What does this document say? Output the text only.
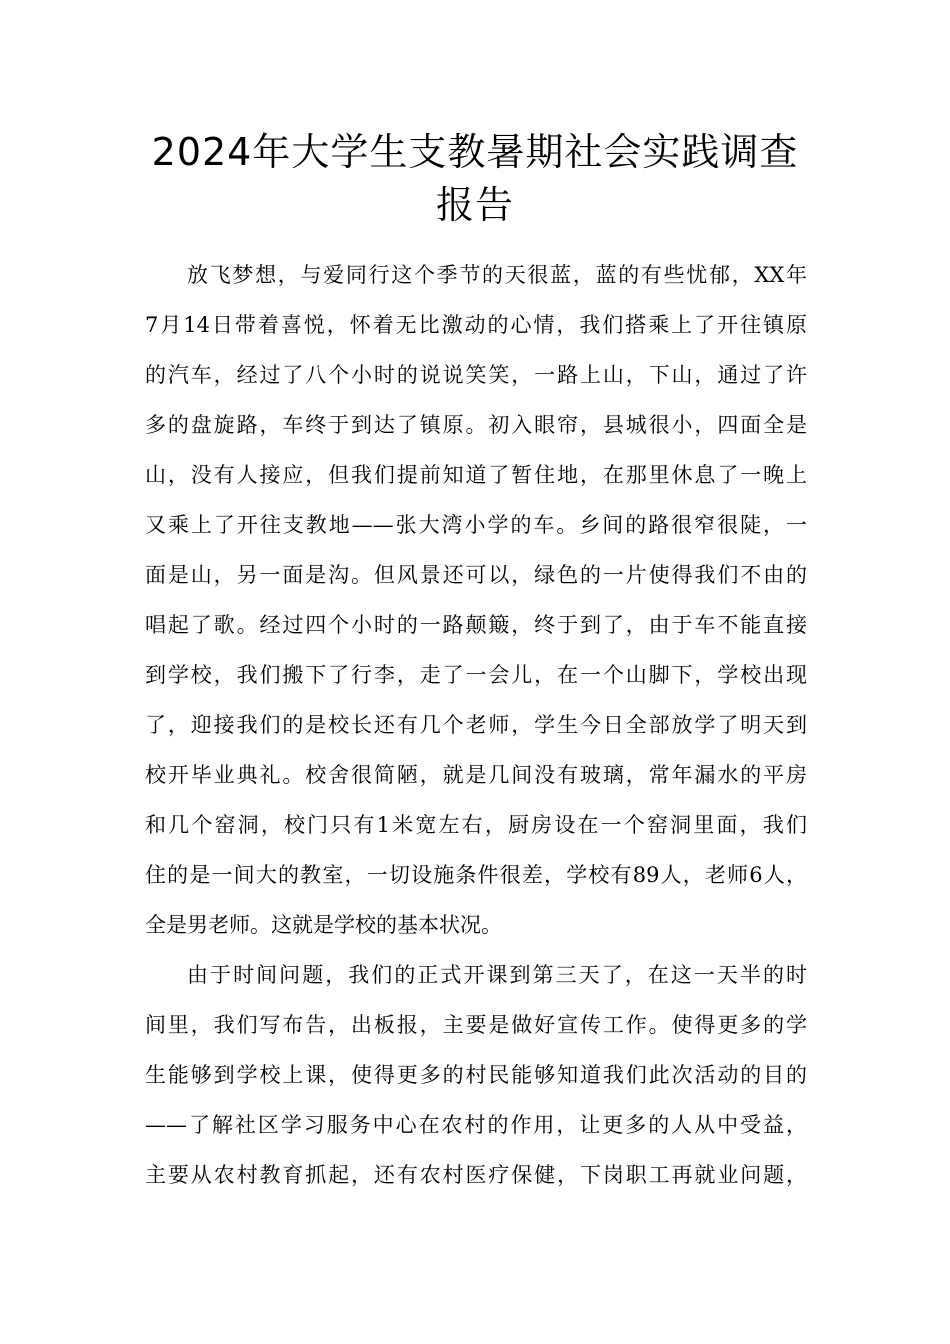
2024年大学生支教暑期社会实践调查报告
放飞梦想，与爱同行这个季节的天很蓝，蓝的有些忧郁，XX年
7月14日带着喜悦，怀着无比激动的心情，我们搭乘上了开往镇原
的汽车，经过了八个小时的说说笑笑，一路上山，下山，通过了许
多的盘旋路，车终于到达了镇原。初入眼帘，县城很小，四面全是
山，没有人接应，但我们提前知道了暂住地，在那里休息了一晚上
又乘上了开往支教地——张大湾小学的车。乡间的路很窄很陡，一
面是山，另一面是沟。但风景还可以，绿色的一片使得我们不由的
唱起了歌。经过四个小时的一路颠簸，终于到了，由于车不能直接
到学校，我们搬下了行李，走了一会儿，在一个山脚下，学校出现
了，迎接我们的是校长还有几个老师，学生今日全部放学了明天到
校开毕业典礼。校舍很简陋，就是几间没有玻璃，常年漏水的平房
和几个窑洞，校门只有1米宽左右，厨房设在一个窑洞里面，我们
住的是一间大的教室，一切设施条件很差，学校有89人，老师6人，
全是男老师。这就是学校的基本状况。
由于时间问题，我们的正式开课到第三天了，在这一天半的时
间里，我们写布告，出板报，主要是做好宣传工作。使得更多的学
生能够到学校上课，使得更多的村民能够知道我们此次活动的目的
——了解社区学习服务中心在农村的作用，让更多的人从中受益，
主要从农村教育抓起，还有农村医疗保健，下岗职工再就业问题，
